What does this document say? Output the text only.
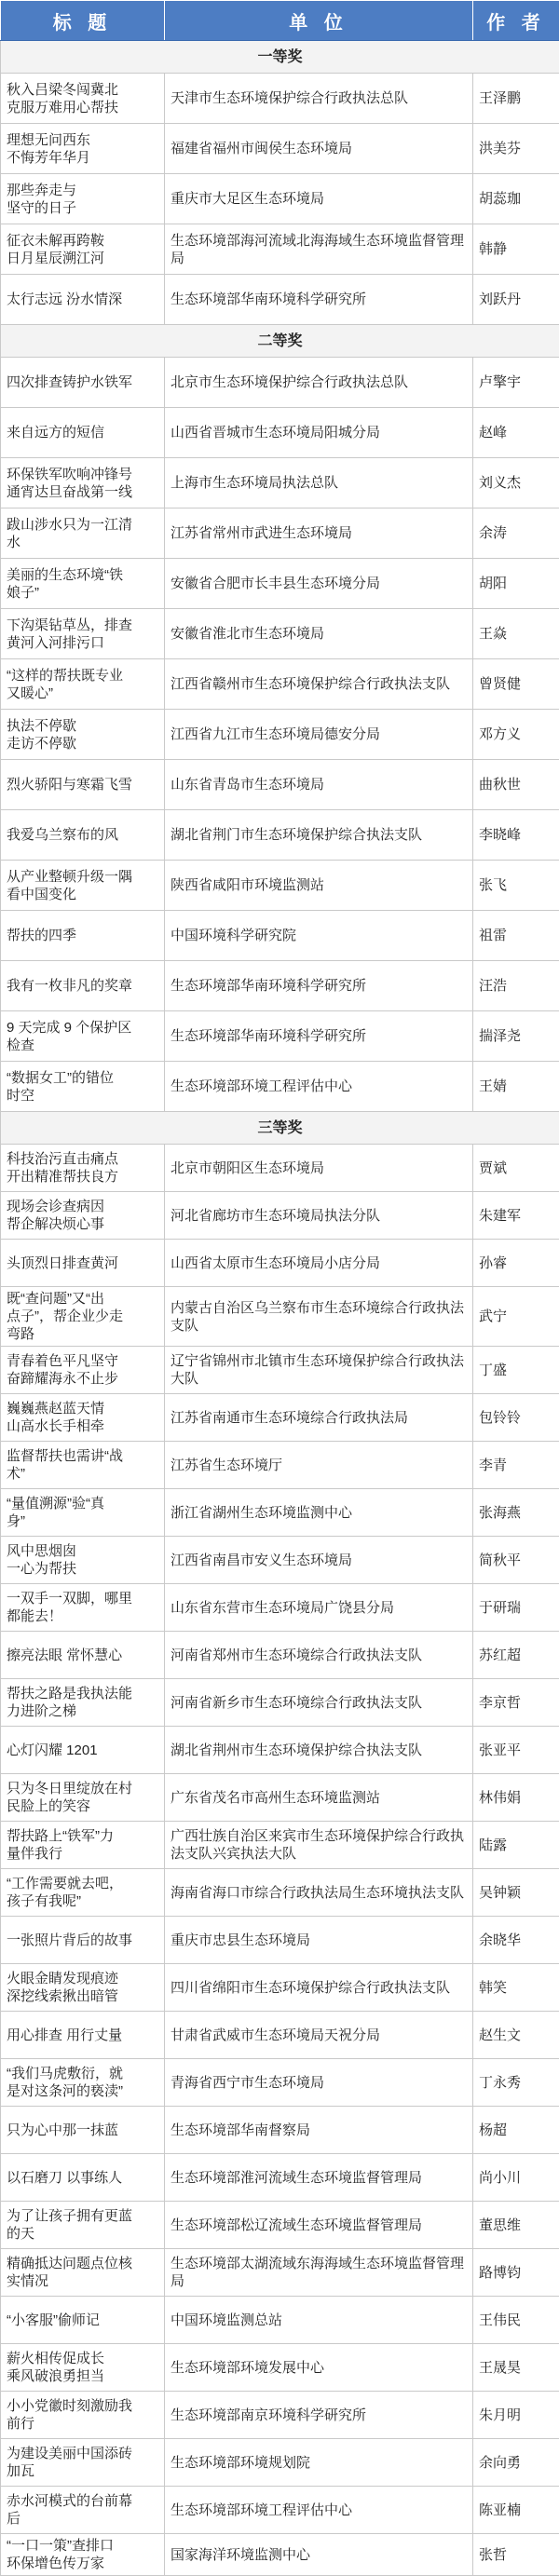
标 题	单 位	作 者
一等奖		
秋入吕梁冬闯冀北
克服万难用心帮扶	天津市生态环境保护综合行政执法总队	王泽鹏
理想无问西东
不悔芳年华月	福建省福州市闽侯生态环境局	洪美芬
那些奔走与
坚守的日子	重庆市大足区生态环境局	胡蕊珈
征衣未解再跨鞍
日月星辰溯江河	生态环境部海河流域北海海域生态环境监督管理局	韩静
太行志远 汾水情深	生态环境部华南环境科学研究所	刘跃丹
二等奖		
四次排查铸护水铁军	北京市生态环境保护综合行政执法总队	卢擎宇
来自远方的短信	山西省晋城市生态环境局阳城分局	赵峰
环保铁军吹响冲锋号
通宵达旦奋战第一线	上海市生态环境局执法总队	刘义杰
跋山涉水只为一江清
水	江苏省常州市武进生态环境局	余涛
美丽的生态环境“铁
娘子”	安徽省合肥市长丰县生态环境分局	胡阳
下沟渠钻草丛，排查
黄河入河排污口	安徽省淮北市生态环境局	王焱
“这样的帮扶既专业
又暖心”	江西省赣州市生态环境保护综合行政执法支队	曾贤健
执法不停歇
走访不停歇	江西省九江市生态环境局德安分局	邓方义
烈火骄阳与寒霜飞雪	山东省青岛市生态环境局	曲秋世
我爱乌兰察布的风	湖北省荆门市生态环境保护综合执法支队	李晓峰
从产业整顿升级一隅
看中国变化	陕西省咸阳市环境监测站	张飞
帮扶的四季	中国环境科学研究院	祖雷
我有一枚非凡的奖章	生态环境部华南环境科学研究所	汪浩
9 天完成 9 个保护区
检查	生态环境部华南环境科学研究所	揣泽尧
“数据女工”的错位
时空	生态环境部环境工程评估中心	王婧
三等奖		
科技治污直击痛点
开出精准帮扶良方	北京市朝阳区生态环境局	贾斌
现场会诊查病因
帮企解决烦心事	河北省廊坊市生态环境局执法分队	朱建军
头顶烈日排查黄河	山西省太原市生态环境局小店分局	孙睿
既“查问题”又“出
点子”，帮企业少走
弯路	内蒙古自治区乌兰察布市生态环境综合行政执法支队	武宁
青春着色平凡坚守
奋蹄耀海永不止步	辽宁省锦州市北镇市生态环境保护综合行政执法大队	丁盛
巍巍燕赵蓝天情
山高水长手相牵	江苏省南通市生态环境综合行政执法局	包铃铃
监督帮扶也需讲“战
术”	江苏省生态环境厅	李青
“量值溯源”验“真
身”	浙江省湖州生态环境监测中心	张海燕
风中思烟囱
一心为帮扶	江西省南昌市安义生态环境局	简秋平
一双手一双脚，哪里
都能去！	山东省东营市生态环境局广饶县分局	于研瑞
擦亮法眼 常怀慧心	河南省郑州市生态环境综合行政执法支队	苏红超
帮扶之路是我执法能
力进阶之梯	河南省新乡市生态环境综合行政执法支队	李京哲
心灯闪耀 1201	湖北省荆州市生态环境保护综合执法支队	张亚平
只为冬日里绽放在村
民脸上的笑容	广东省茂名市高州生态环境监测站	林伟娟
帮扶路上“铁军”力
量伴我行	广西壮族自治区来宾市生态环境保护综合行政执法支队兴宾执法大队	陆露
“工作需要就去吧，
孩子有我呢”	海南省海口市综合行政执法局生态环境执法支队	吴钟颖
一张照片背后的故事	重庆市忠县生态环境局	余晓华
火眼金睛发现痕迹
深挖线索揪出暗管	四川省绵阳市生态环境保护综合行政执法支队	韩笑
用心排查 用行丈量	甘肃省武威市生态环境局天祝分局	赵生文
“我们马虎敷衍，就
是对这条河的亵渎”	青海省西宁市生态环境局	丁永秀
只为心中那一抹蓝	生态环境部华南督察局	杨超
以石磨刀 以事练人	生态环境部淮河流域生态环境监督管理局	尚小川
为了让孩子拥有更蓝
的天	生态环境部松辽流域生态环境监督管理局	董思维
精确抵达问题点位核
实情况	生态环境部太湖流域东海海域生态环境监督管理局	路博钧
“小客服”偷师记	中国环境监测总站	王伟民
薪火相传促成长
乘风破浪勇担当	生态环境部环境发展中心	王晟昊
小小党徽时刻激励我
前行	生态环境部南京环境科学研究所	朱月明
为建设美丽中国添砖
加瓦	生态环境部环境规划院	余向勇
赤水河模式的台前幕
后	生态环境部环境工程评估中心	陈亚楠
“一口一策”查排口
环保增色传万家	国家海洋环境监测中心	张哲
